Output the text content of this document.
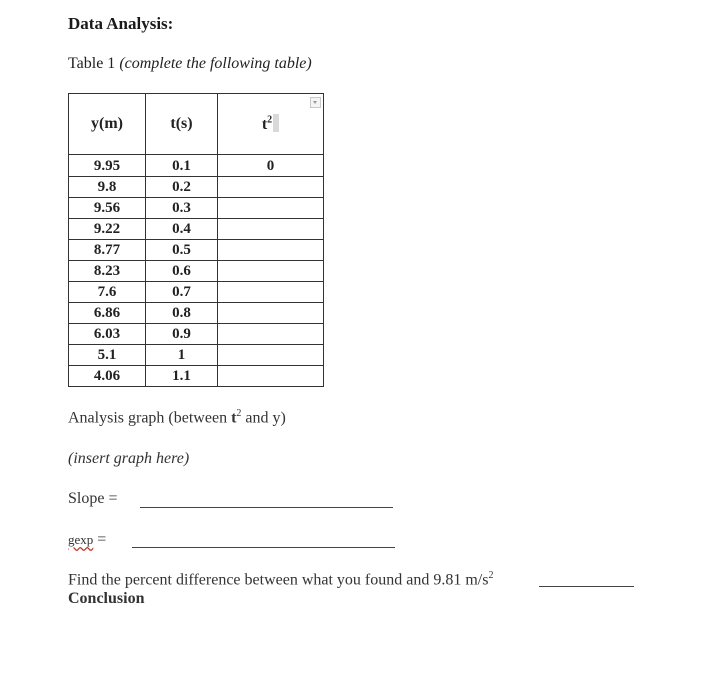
Data Analysis:
Table 1 (complete the following table)
y(m)	t(s)	$t^2$

9.95	0.1	0
9.8	0.2	
9.56	0.3	
9.22	0.4	
8.77	0.5	
8.23	0.6	
7.6	0.7	
6.86	0.8	
6.03	0.9	
5.1	1	
4.06	1.1	
Analysis graph (between $t^2$ and y)
(insert graph here)
Slope =
gexp =
Find the percent difference between what you found and 9.81 $m/s^2$
Conclusion
